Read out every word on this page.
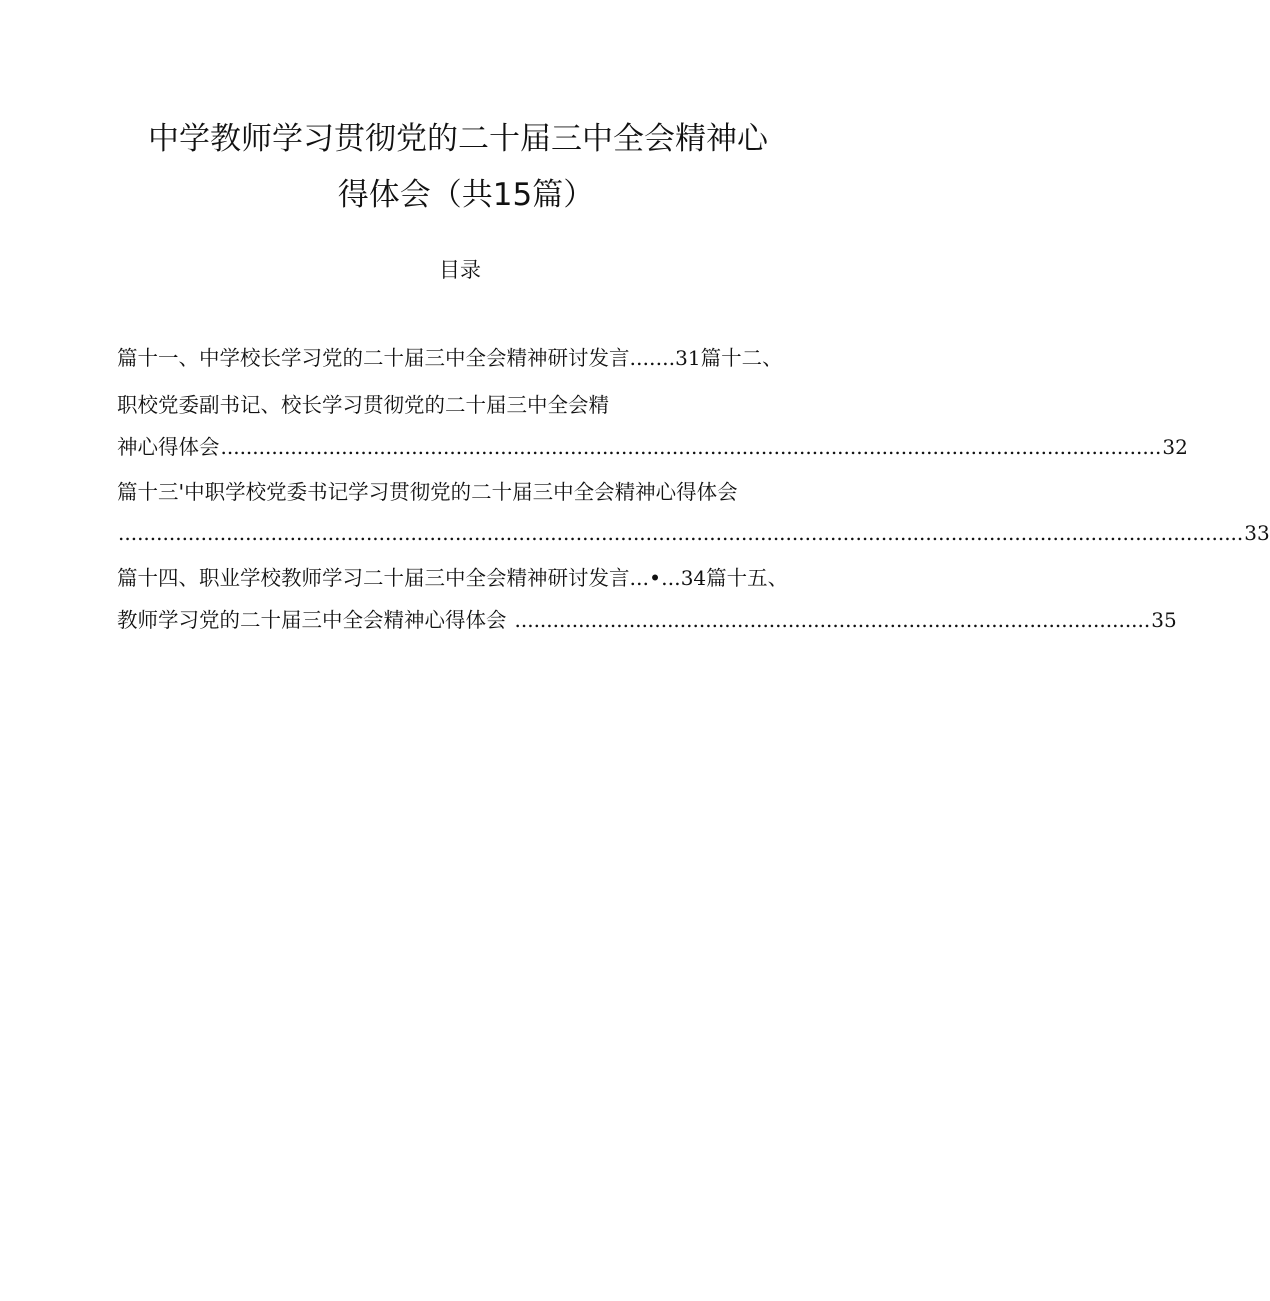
中学教师学习贯彻党的二十届三中全会精神心
得体会（共15篇）
目录
篇十一、中学校长学习党的二十届三中全会精神研讨发言.......31篇十二、
职校党委副书记、校长学习贯彻党的二十届三中全会精
神心得体会 .................................................................................................................................................... 32
篇十三'中职学校党委书记学习贯彻党的二十届三中全会精神心得体会
................................................................................................................................................................................. 33
篇十四、职业学校教师学习二十届三中全会精神研讨发言...•...34篇十五、
教师学习党的二十届三中全会精神心得体会 .................................................................................................... 35
